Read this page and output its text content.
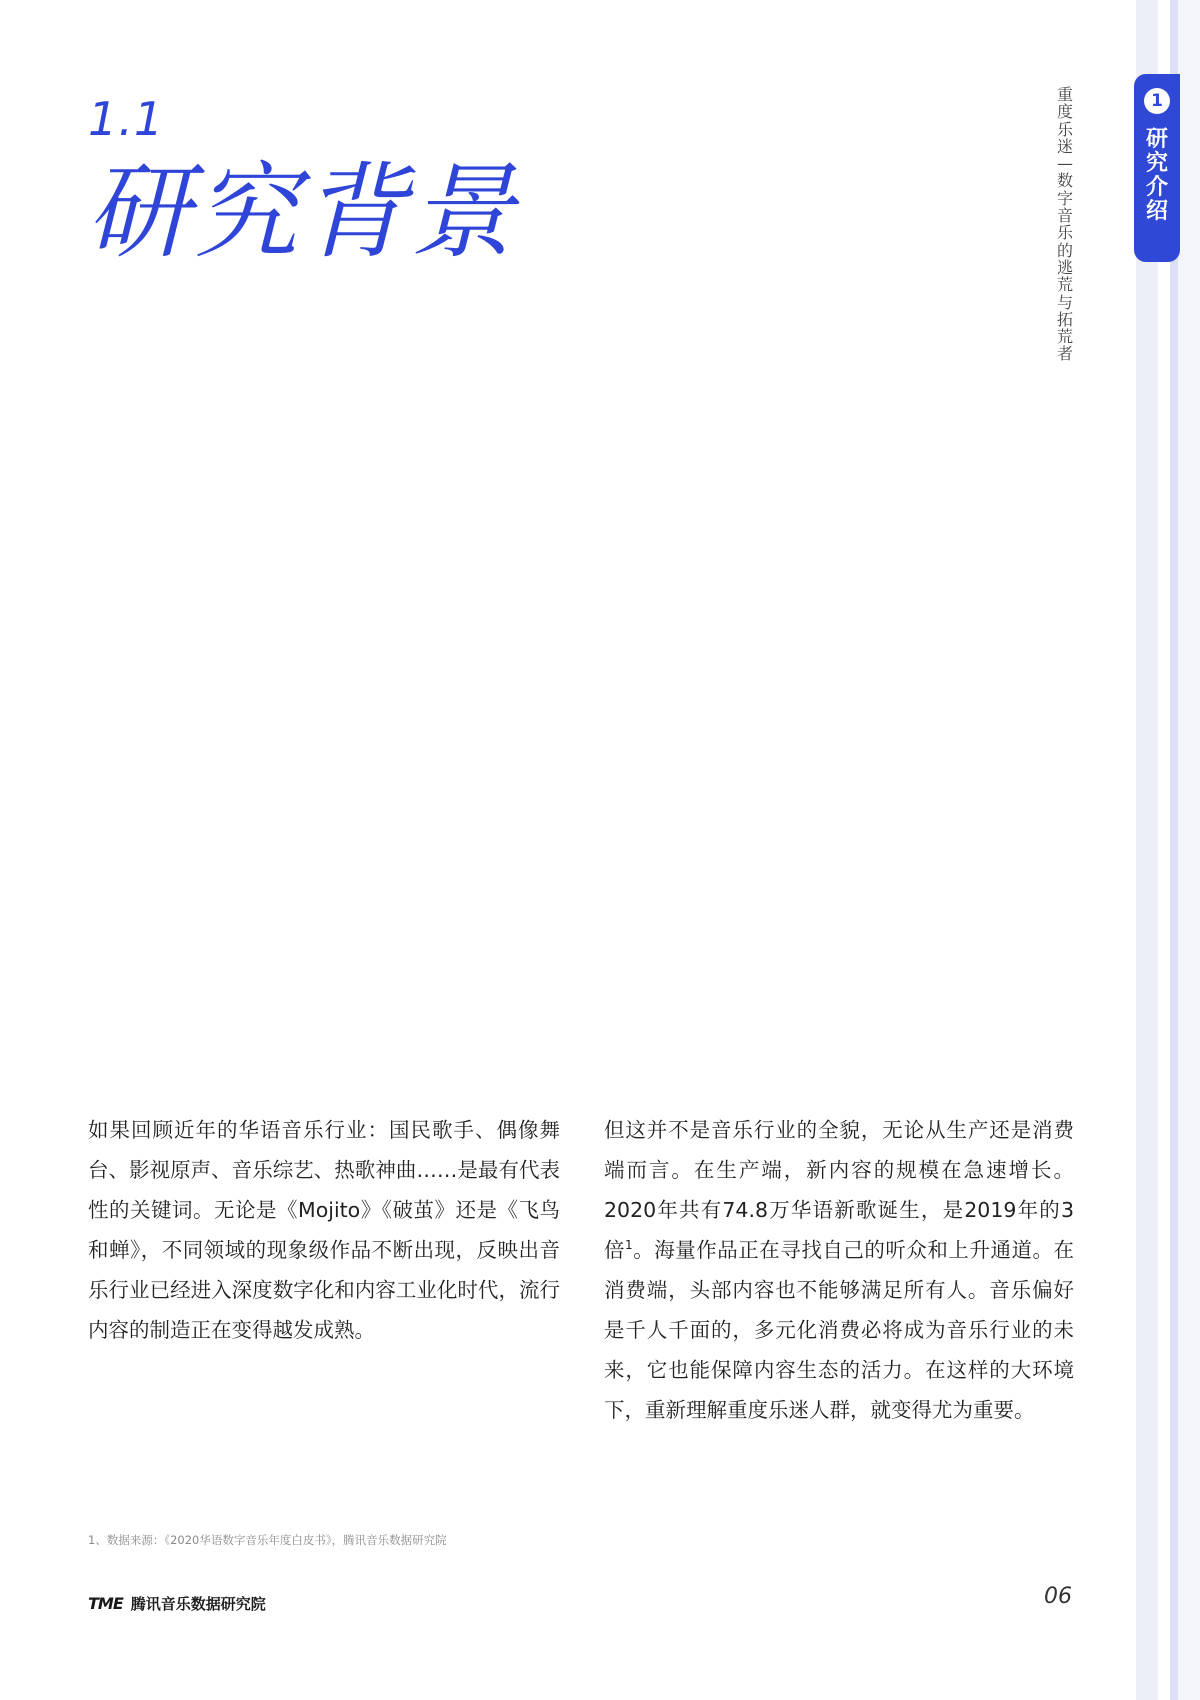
1.1
研究背景
重度乐迷—数字音乐的逃荒与拓荒者
1
研究介绍

如果回顾近年的华语音乐行业：国民歌手、偶像舞台、影视原声、音乐综艺、热歌神曲……是最有代表性的关键词。无论是《Mojito》《破茧》还是《飞鸟和蝉》，不同领域的现象级作品不断出现，反映出音乐行业已经进入深度数字化和内容工业化时代，流行内容的制造正在变得越发成熟。

但这并不是音乐行业的全貌，无论从生产还是消费端而言。在生产端，新内容的规模在急速增长。2020年共有74.8万华语新歌诞生，是2019年的3倍$^1$。海量作品正在寻找自己的听众和上升通道。在消费端，头部内容也不能够满足所有人。音乐偏好是千人千面的，多元化消费必将成为音乐行业的未来，它也能保障内容生态的活力。在这样的大环境下，重新理解重度乐迷人群，就变得尤为重要。

1、数据来源：《2020华语数字音乐年度白皮书》，腾讯音乐数据研究院
TME 腾讯音乐数据研究院	06
